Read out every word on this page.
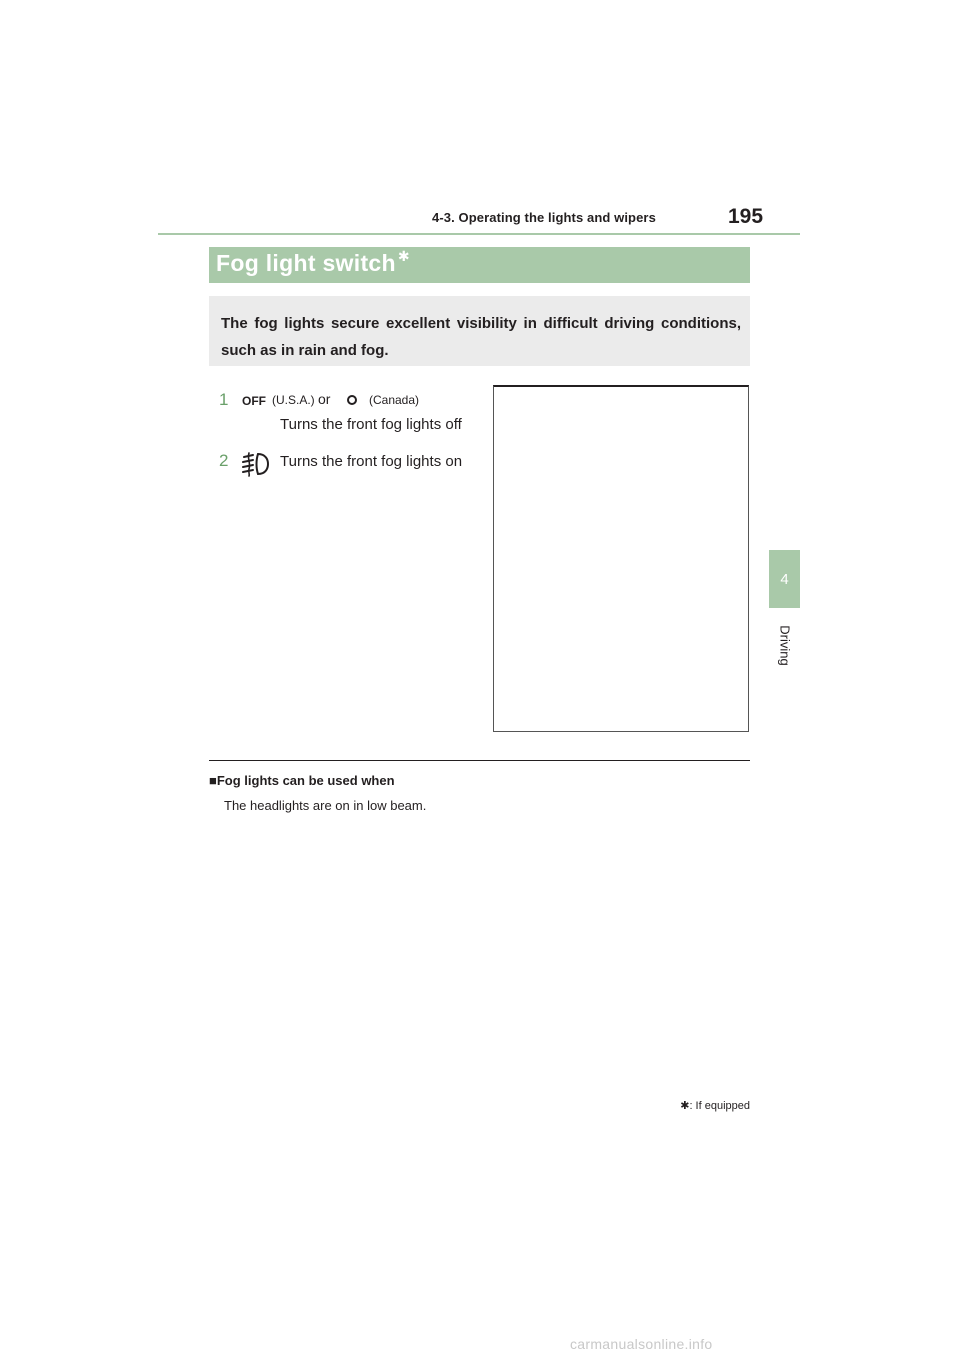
4-3. Operating the lights and wipers	195
4
Driving
Fog light switch ✱
The fog lights secure excellent visibility in difficult driving conditions, such as in rain and fog.
1 OFF (U.S.A.) or	(Canada)
Turns the front fog lights off
2	Turns the front fog lights on
■Fog lights can be used when
The headlights are on in low beam.
✱: If equipped
carmanualsonline.info
